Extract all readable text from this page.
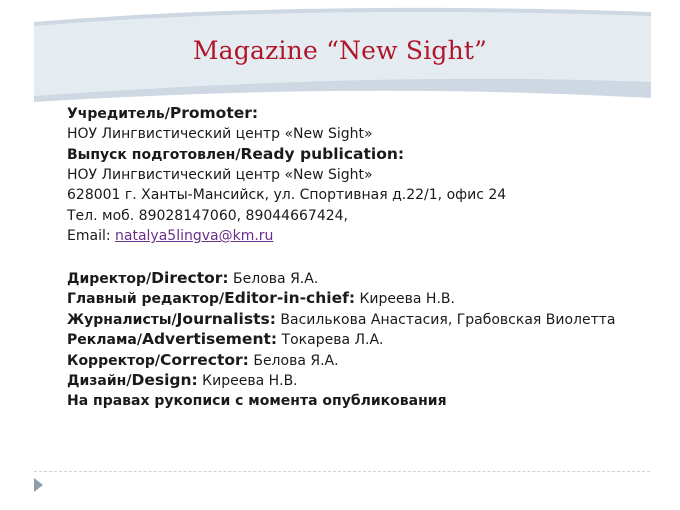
Magazine “New Sight”
Учредитель/Promoter:
НОУ Лингвистический центр «New Sight»
Выпуск подготовлен/Ready publication:
НОУ Лингвистический центр «New Sight»
628001 г. Ханты-Мансийск, ул. Спортивная д.22/1, офис 24
Тел. моб. 89028147060, 89044667424,
Email: natalya5lingva@km.ru
Директор/Director: Белова Я.А.
Главный редактор/Editor-in-chief: Киреева Н.В.
Журналисты/Journalists: Василькова Анастасия, Грабовская Виолетта
Реклама/Advertisement: Токарева Л.А.
Корректор/Corrector: Белова Я.А.
Дизайн/Design: Киреева Н.В.
На правах рукописи с момента опубликования
